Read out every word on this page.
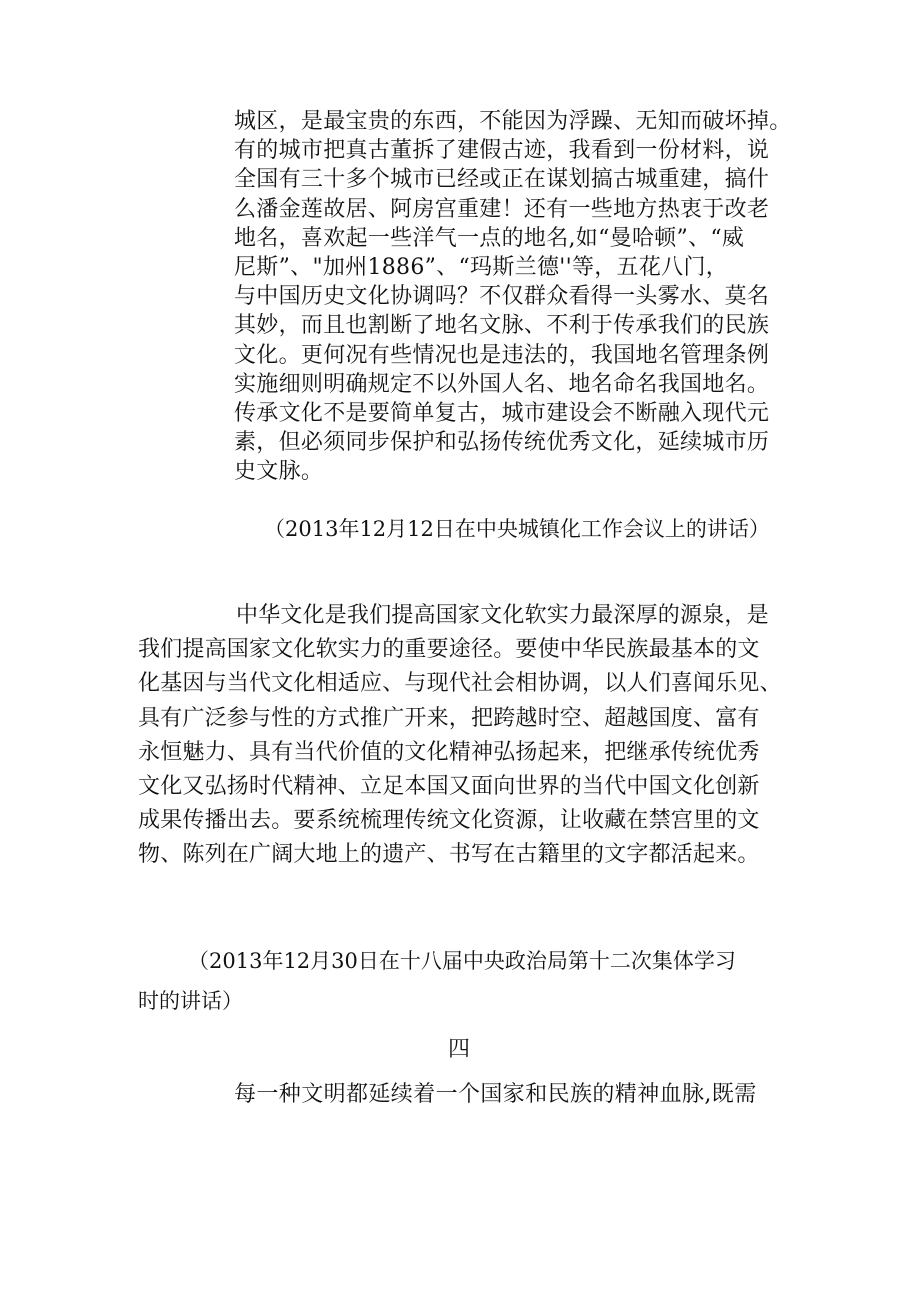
城区，是最宝贵的东西，不能因为浮躁、无知而破坏掉。
有的城市把真古董拆了建假古迹，我看到一份材料，说
全国有三十多个城市已经或正在谋划搞古城重建，搞什
么潘金莲故居、阿房宫重建！还有一些地方热衷于改老
地名，喜欢起一些洋气一点的地名,如“曼哈顿”、“威
尼斯”、"加州1886”、“玛斯兰德''等，五花八门，
与中国历史文化协调吗？不仅群众看得一头雾水、莫名
其妙，而且也割断了地名文脉、不利于传承我们的民族
文化。更何况有些情况也是违法的，我国地名管理条例
实施细则明确规定不以外国人名、地名命名我国地名。
传承文化不是要简单复古，城市建设会不断融入现代元
素，但必须同步保护和弘扬传统优秀文化，延续城市历
史文脉。
（2013年12月12日在中央城镇化工作会议上的讲话）
中华文化是我们提高国家文化软实力最深厚的源泉，是
我们提高国家文化软实力的重要途径。要使中华民族最基本的文
化基因与当代文化相适应、与现代社会相协调，以人们喜闻乐见、
具有广泛参与性的方式推广开来，把跨越时空、超越国度、富有
永恒魅力、具有当代价值的文化精神弘扬起来，把继承传统优秀
文化又弘扬时代精神、立足本国又面向世界的当代中国文化创新
成果传播出去。要系统梳理传统文化资源，让收藏在禁宫里的文
物、陈列在广阔大地上的遗产、书写在古籍里的文字都活起来。
（2013年12月30日在十八届中央政治局第十二次集体学习
时的讲话）
四
每一种文明都延续着一个国家和民族的精神血脉,既需
